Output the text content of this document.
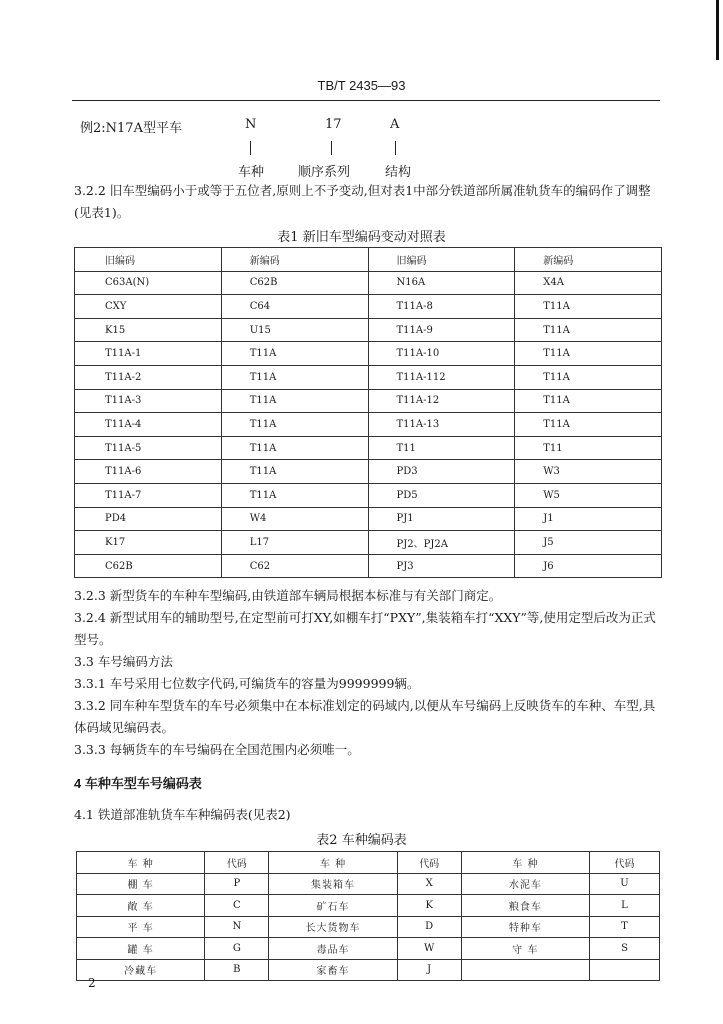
TB/T 2435—93
例2:N17A型平车	N	17	A
车种	顺序系列	结构
3.2.2 旧车型编码小于或等于五位者,原则上不予变动,但对表1中部分铁道部所属准轨货车的编码作了调整(见表1)。
表1 新旧车型编码变动对照表
旧编码	新编码	旧编码	新编码
C63A(N)	C62B	N16A	X4A
CXY	C64	T11A-8	T11A
K15	U15	T11A-9	T11A
T11A-1	T11A	T11A-10	T11A
T11A-2	T11A	T11A-112	T11A
T11A-3	T11A	T11A-12	T11A
T11A-4	T11A	T11A-13	T11A
T11A-5	T11A	T11	T11
T11A-6	T11A	PD3	W3
T11A-7	T11A	PD5	W5
PD4	W4	PJ1	J1
K17	L17	PJ2、PJ2A	J5
C62B	C62	PJ3	J6
3.2.3 新型货车的车种车型编码,由铁道部车辆局根据本标准与有关部门商定。
3.2.4 新型试用车的辅助型号,在定型前可打XY,如棚车打“PXY”,集装箱车打“XXY”等,使用定型后改为正式型号。
3.3 车号编码方法
3.3.1 车号采用七位数字代码,可编货车的容量为9999999辆。
3.3.2 同车种车型货车的车号必须集中在本标准划定的码域内,以便从车号编码上反映货车的车种、车型,具体码域见编码表。
3.3.3 每辆货车的车号编码在全国范围内必须唯一。
4 车种车型车号编码表
4.1 铁道部准轨货车车种编码表(见表2)
表2 车种编码表
车 种	代码	车 种	代码	车 种	代码
棚 车	P	集装箱车	X	水泥车	U
敞 车	C	矿石车	K	粮食车	L
平 车	N	长大货物车	D	特种车	T
罐 车	G	毒品车	W	守 车	S
冷藏车	B	家畜车	J		
2
